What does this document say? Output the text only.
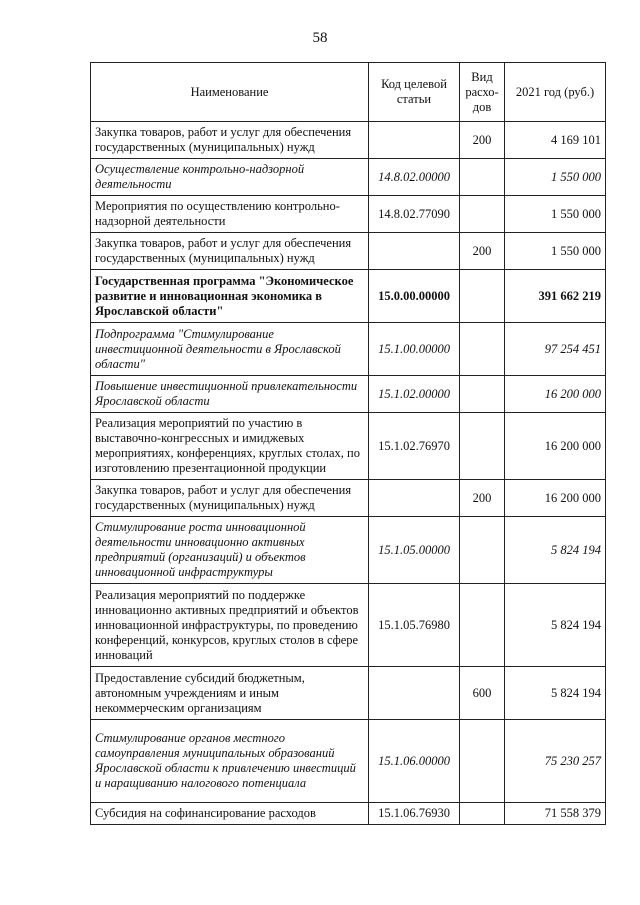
58
Наименование	Код целевой статьи	Вид расхо-дов	2021 год (руб.)
Закупка товаров, работ и услуг для обеспечения государственных (муниципальных) нужд		200	4 169 101
Осуществление контрольно-надзорной деятельности	14.8.02.00000		1 550 000
Мероприятия по осуществлению контрольно-надзорной деятельности	14.8.02.77090		1 550 000
Закупка товаров, работ и услуг для обеспечения государственных (муниципальных) нужд		200	1 550 000
Государственная программа "Экономическое развитие и инновационная экономика в Ярославской области"	15.0.00.00000		391 662 219
Подпрограмма "Стимулирование инвестиционной деятельности в Ярославской области"	15.1.00.00000		97 254 451
Повышение инвестиционной привлекательности Ярославской области	15.1.02.00000		16 200 000
Реализация мероприятий по участию в выставочно-конгрессных и имиджевых мероприятиях, конференциях, круглых столах, по изготовлению презентационной продукции	15.1.02.76970		16 200 000
Закупка товаров, работ и услуг для обеспечения государственных (муниципальных) нужд		200	16 200 000
Стимулирование роста инновационной деятельности инновационно активных предприятий (организаций) и объектов инновационной инфраструктуры	15.1.05.00000		5 824 194
Реализация мероприятий по поддержке инновационно активных предприятий и объектов инновационной инфраструктуры, по проведению конференций, конкурсов, круглых столов в сфере инноваций	15.1.05.76980		5 824 194
Предоставление субсидий бюджетным, автономным учреждениям и иным некоммерческим организациям		600	5 824 194
Стимулирование органов местного самоуправления муниципальных образований Ярославской области к привлечению инвестиций и наращиванию налогового потенциала	15.1.06.00000		75 230 257
Субсидия на софинансирование расходов	15.1.06.76930		71 558 379
